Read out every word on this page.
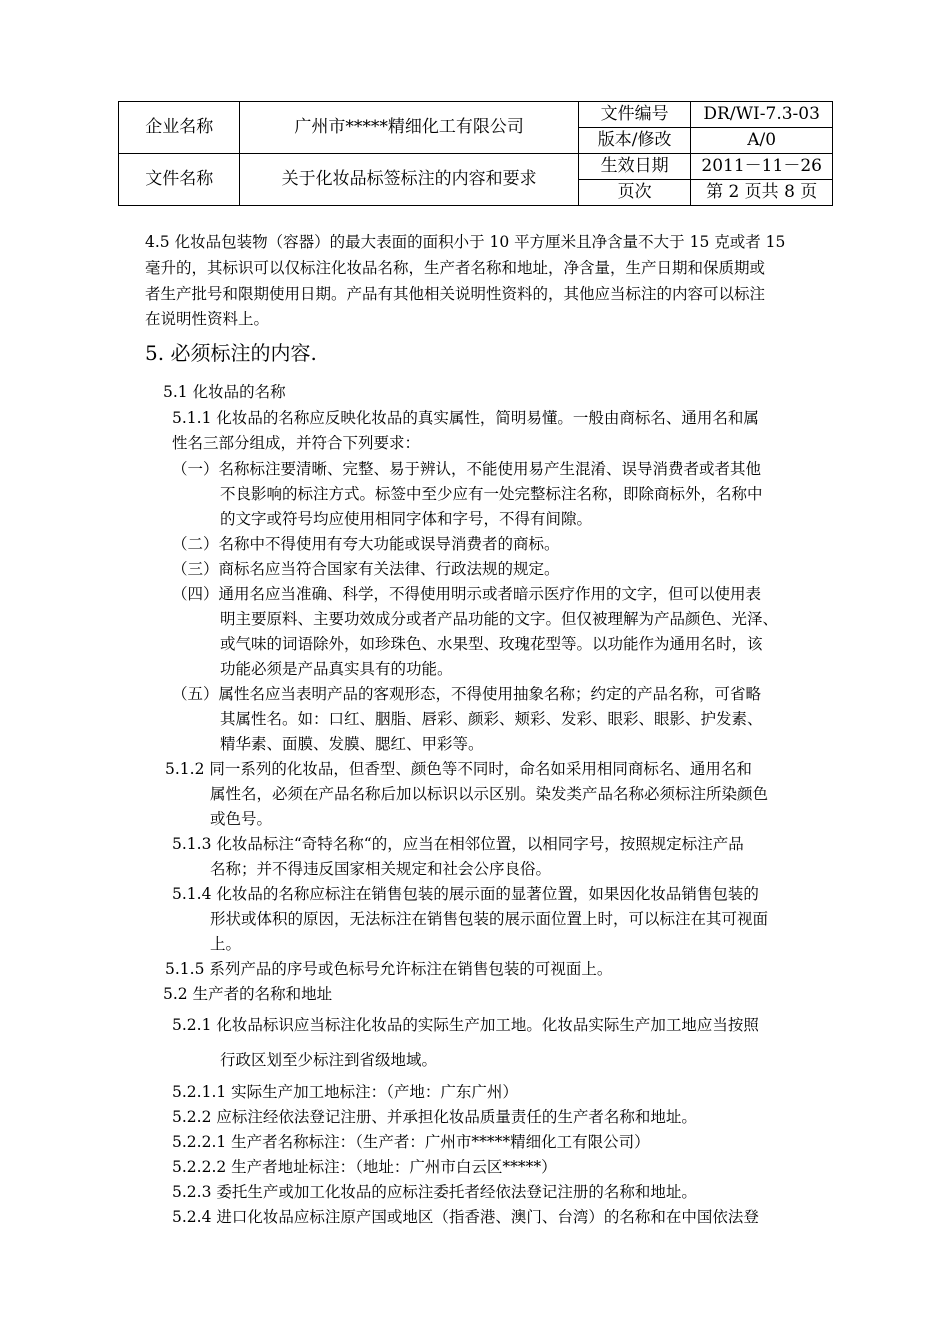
企业名称	广州市*****精细化工有限公司	文件编号	DR/WI-7.3-03
		版本/修改	A/0
文件名称	关于化妆品标签标注的内容和要求	生效日期	2011－11－26
		页次	第 2 页共 8 页
4.5 化妆品包装物（容器）的最大表面的面积小于 10 平方厘米且净含量不大于 15 克或者 15
毫升的，其标识可以仅标注化妆品名称，生产者名称和地址，净含量，生产日期和保质期或
者生产批号和限期使用日期。产品有其他相关说明性资料的，其他应当标注的内容可以标注
在说明性资料上。
5. 必须标注的内容.
5.1 化妆品的名称
5.1.1 化妆品的名称应反映化妆品的真实属性，简明易懂。一般由商标名、通用名和属
性名三部分组成，并符合下列要求：
（一）名称标注要清晰、完整、易于辨认，不能使用易产生混淆、误导消费者或者其他
不良影响的标注方式。标签中至少应有一处完整标注名称，即除商标外，名称中
的文字或符号均应使用相同字体和字号，不得有间隙。
（二）名称中不得使用有夸大功能或误导消费者的商标。
（三）商标名应当符合国家有关法律、行政法规的规定。
（四）通用名应当准确、科学，不得使用明示或者暗示医疗作用的文字，但可以使用表
明主要原料、主要功效成分或者产品功能的文字。但仅被理解为产品颜色、光泽、
或气味的词语除外，如珍珠色、水果型、玫瑰花型等。以功能作为通用名时，该
功能必须是产品真实具有的功能。
（五）属性名应当表明产品的客观形态，不得使用抽象名称；约定的产品名称，可省略
其属性名。如：口红、胭脂、唇彩、颜彩、颊彩、发彩、眼彩、眼影、护发素、
精华素、面膜、发膜、腮红、甲彩等。
5.1.2 同一系列的化妆品，但香型、颜色等不同时，命名如采用相同商标名、通用名和
属性名，必须在产品名称后加以标识以示区别。染发类产品名称必须标注所染颜色
或色号。
5.1.3 化妆品标注“奇特名称“的，应当在相邻位置，以相同字号，按照规定标注产品
名称；并不得违反国家相关规定和社会公序良俗。
5.1.4 化妆品的名称应标注在销售包装的展示面的显著位置，如果因化妆品销售包装的
形状或体积的原因，无法标注在销售包装的展示面位置上时，可以标注在其可视面
上。
5.1.5 系列产品的序号或色标号允许标注在销售包装的可视面上。
5.2 生产者的名称和地址
5.2.1 化妆品标识应当标注化妆品的实际生产加工地。化妆品实际生产加工地应当按照
行政区划至少标注到省级地域。
5.2.1.1 实际生产加工地标注：（产地：广东广州）
5.2.2 应标注经依法登记注册、并承担化妆品质量责任的生产者名称和地址。
5.2.2.1 生产者名称标注：（生产者：广州市*****精细化工有限公司）
5.2.2.2 生产者地址标注：（地址：广州市白云区*****）
5.2.3 委托生产或加工化妆品的应标注委托者经依法登记注册的名称和地址。
5.2.4 进口化妆品应标注原产国或地区（指香港、澳门、台湾）的名称和在中国依法登
